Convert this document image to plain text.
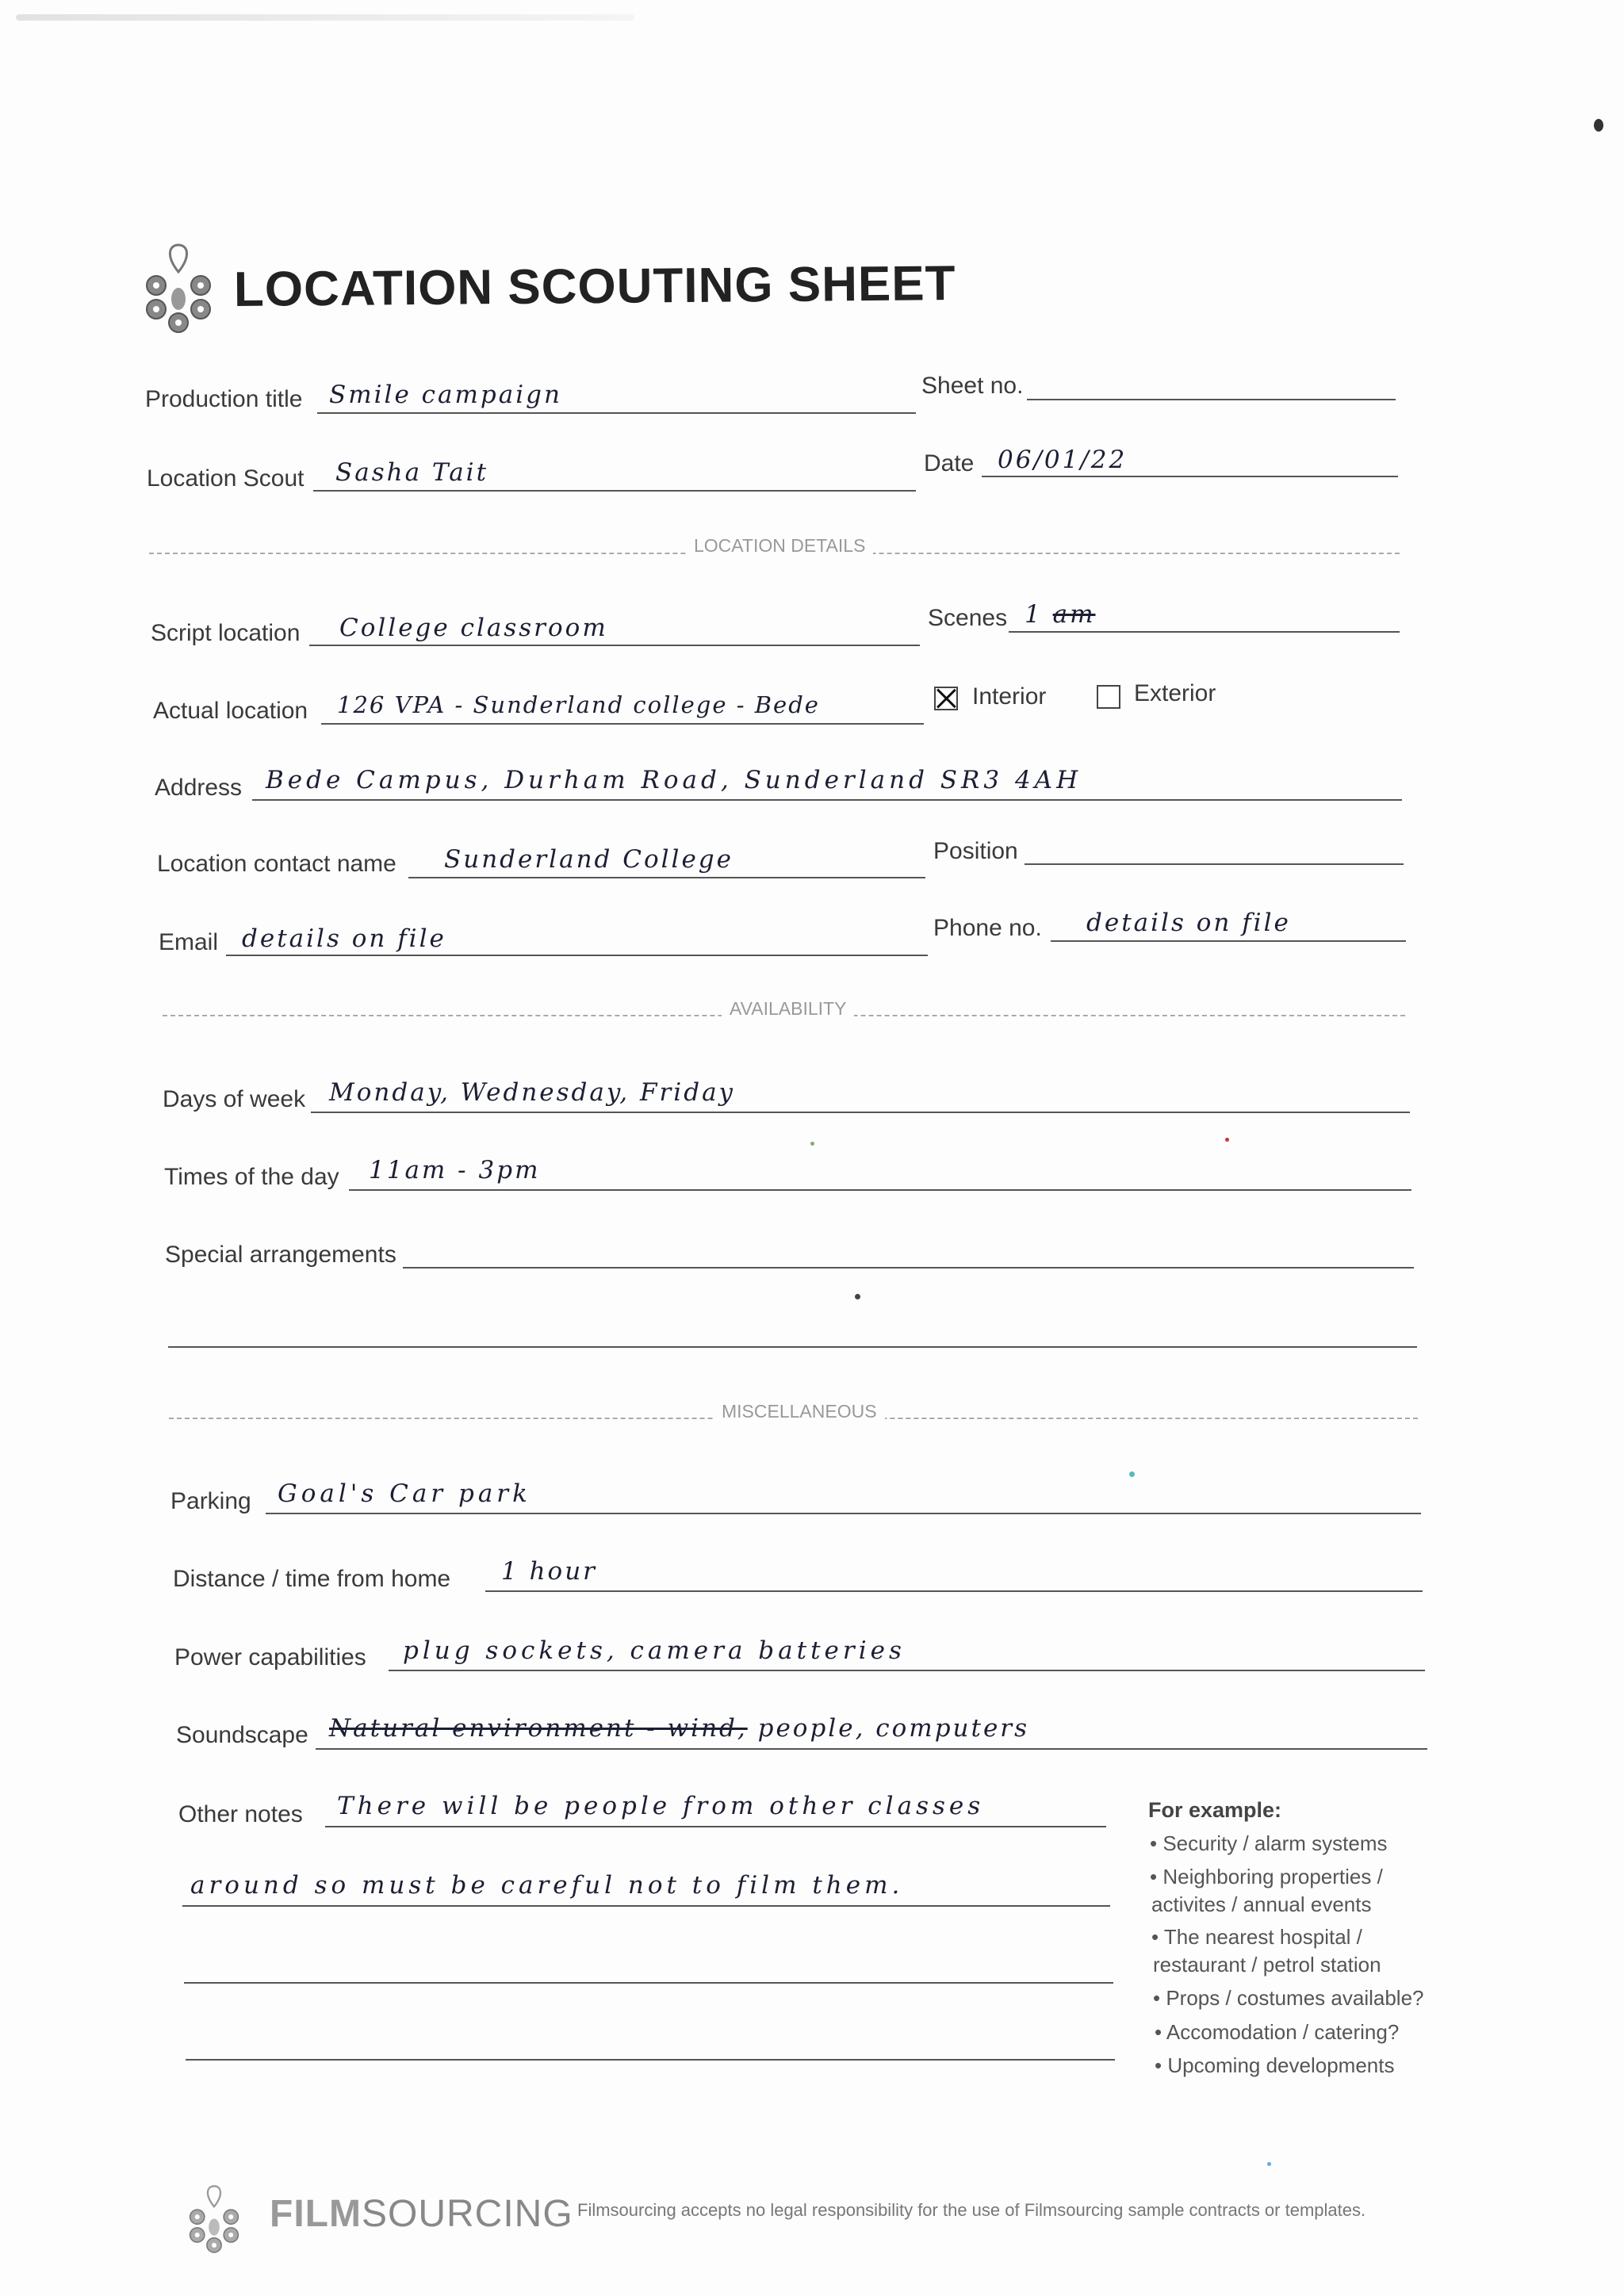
LOCATION SCOUTING SHEET
Production title Smile campaign	Sheet no.
Location Scout Sasha Tait	Date 06/01/22
LOCATION DETAILS
Script location College classroom	Scenes 1 am
Actual location 126 VPA - Sunderland college - Bede	Interior	Exterior
Address Bede Campus, Durham Road, Sunderland SR3 4AH
Location contact name Sunderland College	Position
Email details on file	Phone no. details on file
AVAILABILITY
Days of week Monday, Wednesday, Friday
Times of the day 11am - 3pm
Special arrangements
MISCELLANEOUS
Parking Goal's Car park
Distance / time from home 1 hour
Power capabilities plug sockets, camera batteries
Soundscape Natural environment - wind, people, computers
Other notes There will be people from other classes
around so must be careful not to film them.
For example:
• Security / alarm systems
• Neighboring properties /
activites / annual events
• The nearest hospital /
restaurant / petrol station
• Props / costumes available?
• Accomodation / catering?
• Upcoming developments
FILMSOURCING Filmsourcing accepts no legal responsibility for the use of Filmsourcing sample contracts or templates.
